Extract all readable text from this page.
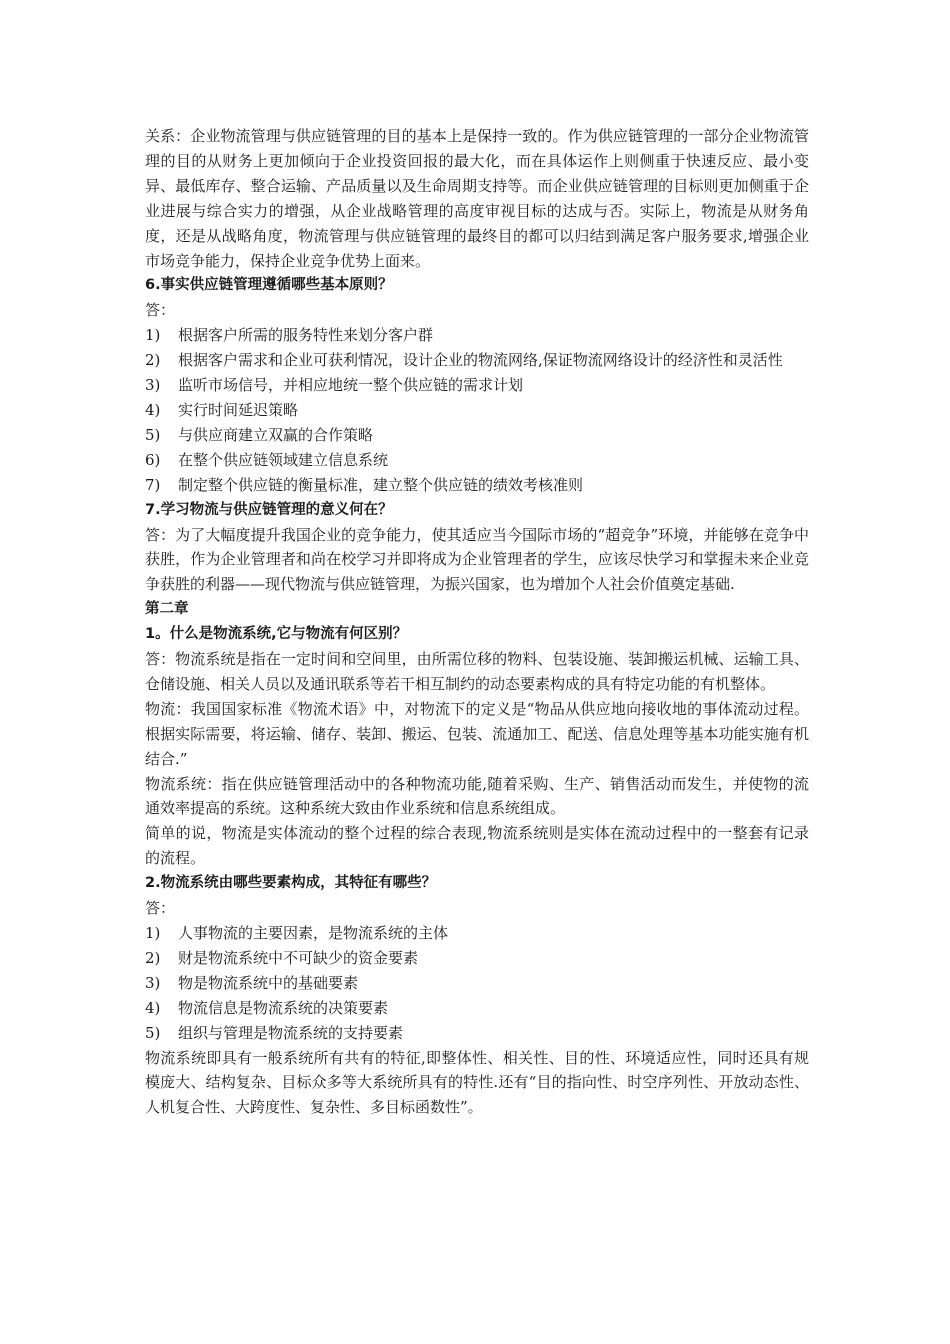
关系：企业物流管理与供应链管理的目的基本上是保持一致的。作为供应链管理的一部分企业物流管理的目的从财务上更加倾向于企业投资回报的最大化，而在具体运作上则侧重于快速反应、最小变异、最低库存、整合运输、产品质量以及生命周期支持等。而企业供应链管理的目标则更加侧重于企业进展与综合实力的增强，从企业战略管理的高度审视目标的达成与否。实际上，物流是从财务角度，还是从战略角度，物流管理与供应链管理的最终目的都可以归结到满足客户服务要求,增强企业市场竞争能力，保持企业竞争优势上面来。
6.事实供应链管理遵循哪些基本原则？
答：
1)	根据客户所需的服务特性来划分客户群
2)	根据客户需求和企业可获利情况，设计企业的物流网络,保证物流网络设计的经济性和灵活性
3)	监听市场信号，并相应地统一整个供应链的需求计划
4)	实行时间延迟策略
5)	与供应商建立双赢的合作策略
6)	在整个供应链领域建立信息系统
7)	制定整个供应链的衡量标准，建立整个供应链的绩效考核准则
7.学习物流与供应链管理的意义何在？
答：为了大幅度提升我国企业的竞争能力，使其适应当今国际市场的“超竞争”环境，并能够在竞争中获胜，作为企业管理者和尚在校学习并即将成为企业管理者的学生，应该尽快学习和掌握未来企业竞争获胜的利器——现代物流与供应链管理，为振兴国家，也为增加个人社会价值奠定基础.
第二章
1。什么是物流系统,它与物流有何区别？
答：物流系统是指在一定时间和空间里，由所需位移的物料、包装设施、装卸搬运机械、运输工具、仓储设施、相关人员以及通讯联系等若干相互制约的动态要素构成的具有特定功能的有机整体。
物流：我国国家标准《物流术语》中，对物流下的定义是“物品从供应地向接收地的事体流动过程。根据实际需要，将运输、储存、装卸、搬运、包装、流通加工、配送、信息处理等基本功能实施有机结合.”
物流系统：指在供应链管理活动中的各种物流功能,随着采购、生产、销售活动而发生，并使物的流通效率提高的系统。这种系统大致由作业系统和信息系统组成。
简单的说，物流是实体流动的整个过程的综合表现,物流系统则是实体在流动过程中的一整套有记录的流程。
2.物流系统由哪些要素构成，其特征有哪些？
答：
1)	人事物流的主要因素，是物流系统的主体
2)	财是物流系统中不可缺少的资金要素
3)	物是物流系统中的基础要素
4)	物流信息是物流系统的决策要素
5)	组织与管理是物流系统的支持要素
物流系统即具有一般系统所有共有的特征,即整体性、相关性、目的性、环境适应性，同时还具有规模庞大、结构复杂、目标众多等大系统所具有的特性.还有“目的指向性、时空序列性、开放动态性、人机复合性、大跨度性、复杂性、多目标函数性”。
